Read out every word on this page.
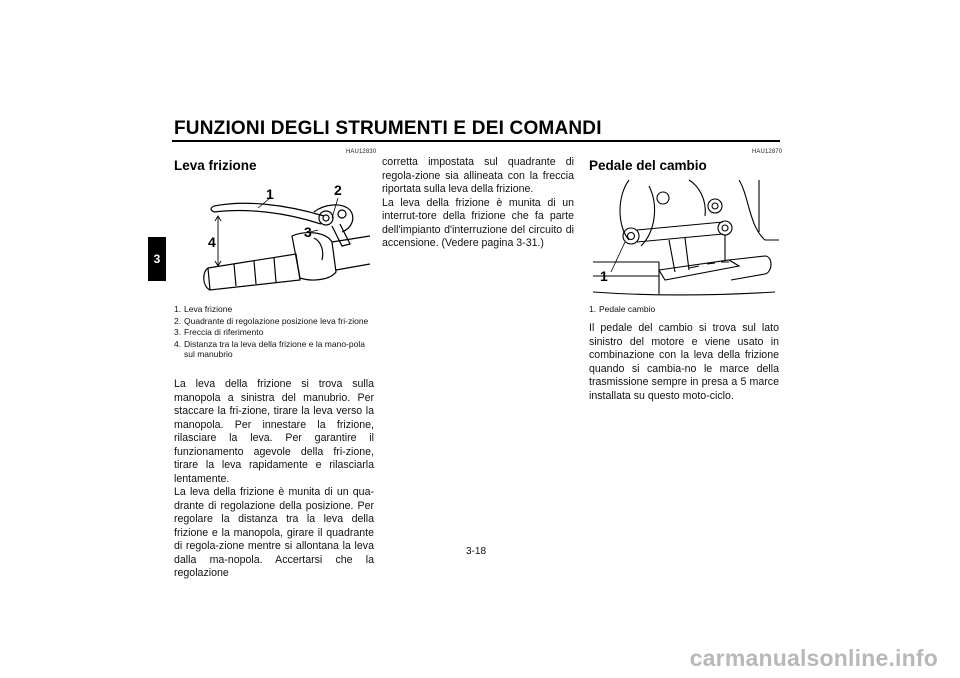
FUNZIONI DEGLI STRUMENTI E DEI COMANDI
3
HAU12830
Leva frizione
1	2
3
4
1. Leva frizione
2. Quadrante di regolazione posizione leva fri-zione
3. Freccia di riferimento
4. Distanza tra la leva della frizione e la mano-pola sul manubrio

La leva della frizione si trova sulla manopola a sinistra del manubrio. Per staccare la fri-zione, tirare la leva verso la manopola. Per innestare la frizione, rilasciare la leva. Per garantire il funzionamento agevole della fri-zione, tirare la leva rapidamente e rilasciarla lentamente.
La leva della frizione è munita di un qua-drante di regolazione della posizione. Per regolare la distanza tra la leva della frizione e la manopola, girare il quadrante di regola-zione mentre si allontana la leva dalla ma-nopola. Accertarsi che la regolazione

corretta impostata sul quadrante di regola-zione sia allineata con la freccia riportata sulla leva della frizione.
La leva della frizione è munita di un interrut-tore della frizione che fa parte dell'impianto d'interruzione del circuito di accensione. (Vedere pagina 3-31.)

HAU12870
Pedale del cambio
1
1. Pedale cambio

Il pedale del cambio si trova sul lato sinistro del motore e viene usato in combinazione con la leva della frizione quando si cambia-no le marce della trasmissione sempre in presa a 5 marce installata su questo moto-ciclo.

3-18
carmanualsonline.info
